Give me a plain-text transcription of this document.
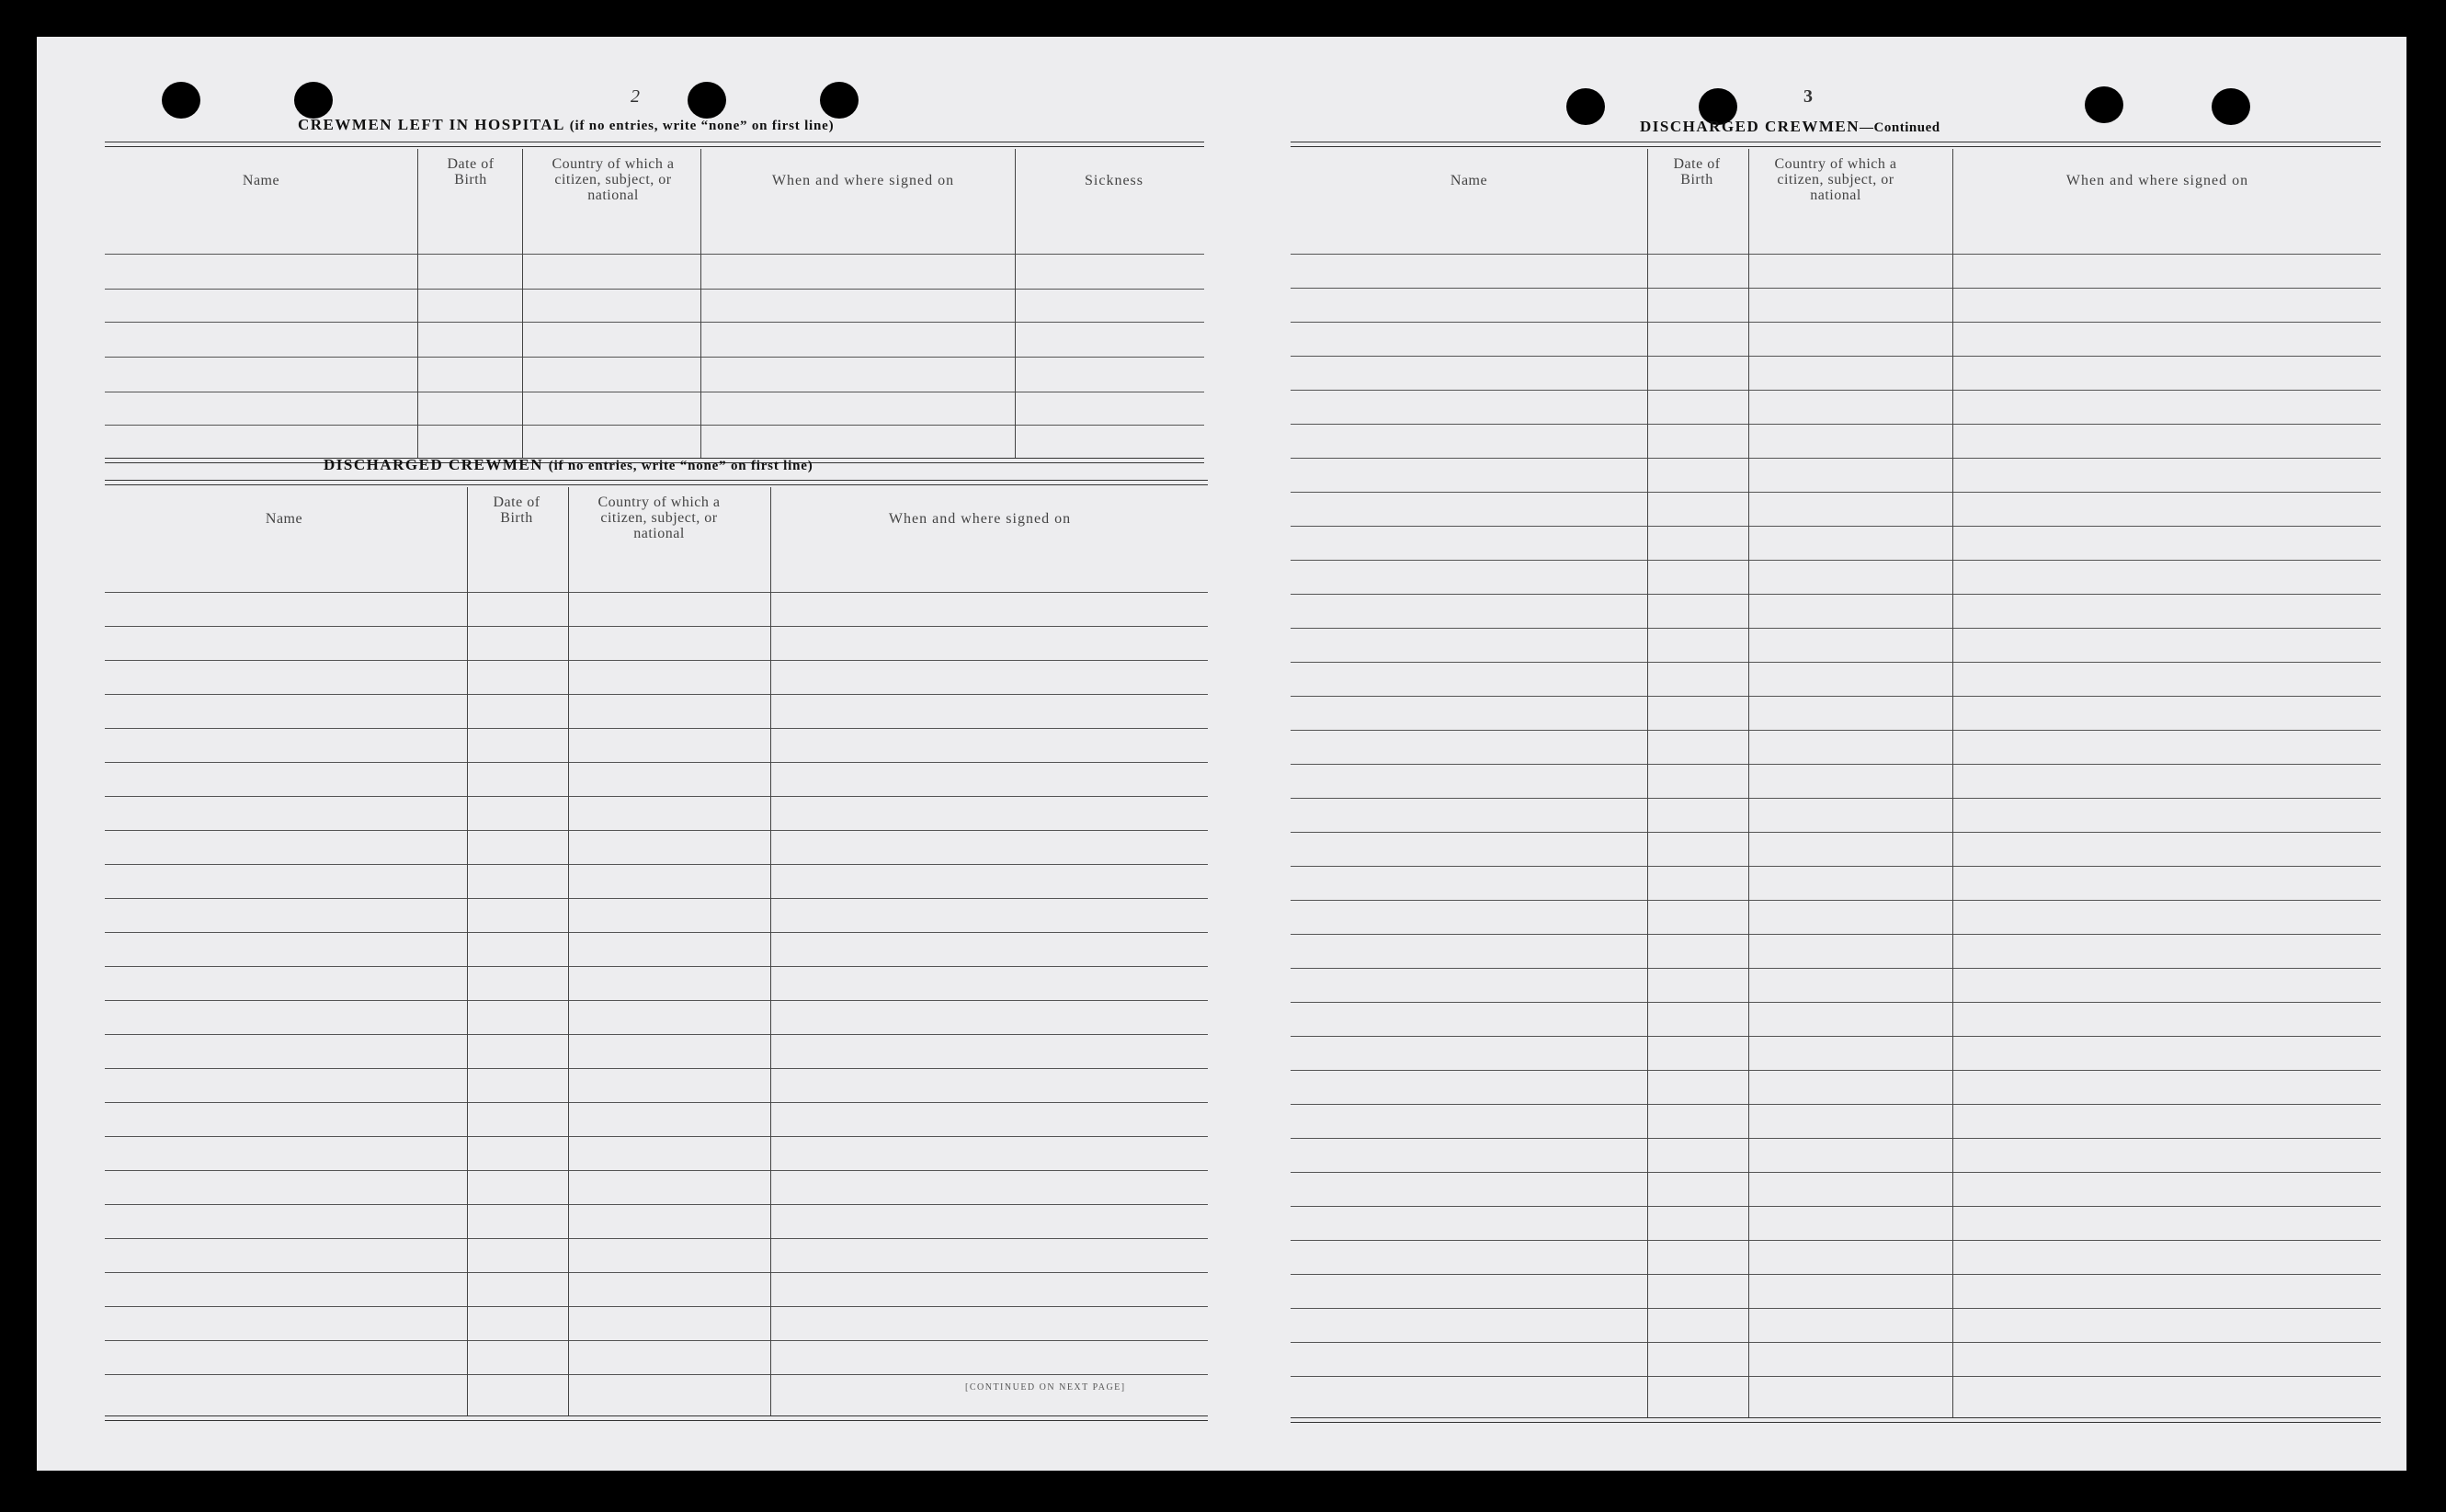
2	3
CREWMEN LEFT IN HOSPITAL (if no entries, write “none” on first line)
Name
Date of Birth
Country of which a citizen, subject, or national
When and where signed on	Sickness
DISCHARGED CREWMEN (if no entries, write “none” on first line)
Name
Date of Birth
Country of which a citizen, subject, or national
When and where signed on
[CONTINUED ON NEXT PAGE]
DISCHARGED CREWMEN—Continued
Name
Date of Birth
Country of which a citizen, subject, or national
When and where signed on
